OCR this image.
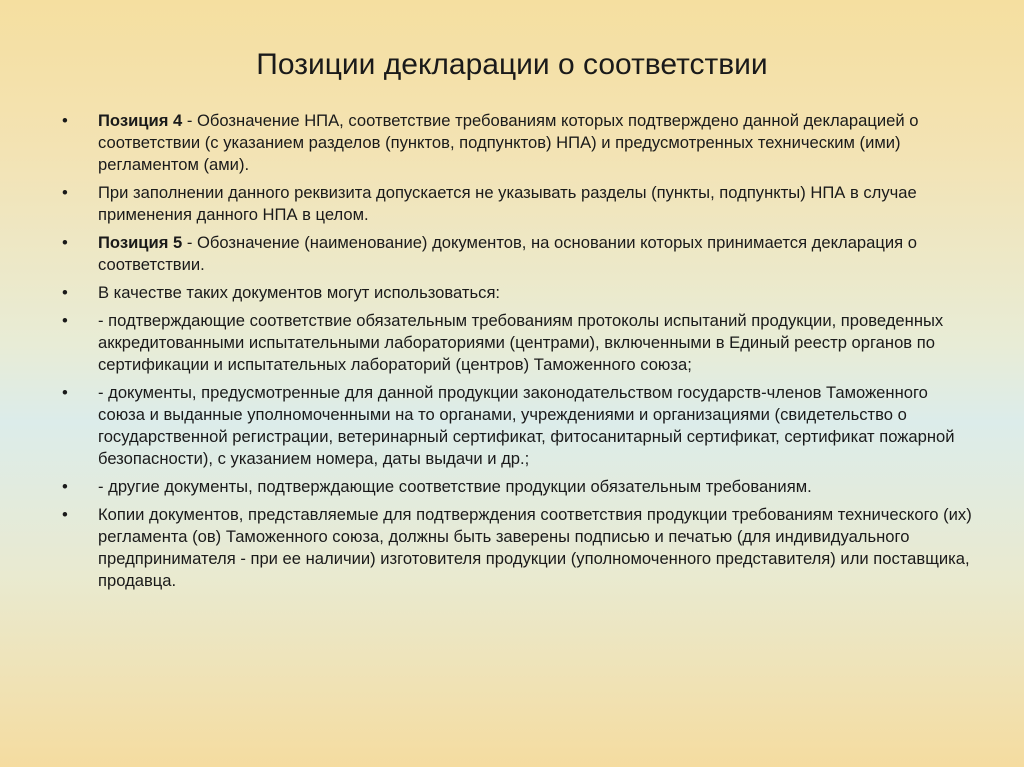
Позиции декларации о соответствии
•	Позиция 4 - Обозначение НПА, соответствие требованиям которых подтверждено данной декларацией о соответствии (с указанием разделов (пунктов, подпунктов) НПА) и предусмотренных техническим (ими) регламентом (ами).
•	При заполнении данного реквизита допускается не указывать разделы (пункты, подпункты) НПА в случае применения данного НПА в целом.
•	Позиция 5 - Обозначение (наименование) документов, на основании которых принимается декларация о соответствии.
•	В качестве таких документов могут использоваться:
•	- подтверждающие соответствие обязательным требованиям протоколы испытаний продукции, проведенных аккредитованными испытательными лабораториями (центрами), включенными в Единый реестр органов по сертификации и испытательных лабораторий (центров) Таможенного союза;
•	- документы, предусмотренные для данной продукции законодательством государств-членов Таможенного союза и выданные уполномоченными на то органами, учреждениями и организациями (свидетельство о государственной регистрации, ветеринарный сертификат, фитосанитарный сертификат, сертификат пожарной безопасности), с указанием номера, даты выдачи и др.;
•	- другие документы, подтверждающие соответствие продукции обязательным требованиям.
•	Копии документов, представляемые для подтверждения соответствия продукции требованиям технического (их) регламента (ов) Таможенного союза, должны быть заверены подписью и печатью (для индивидуального предпринимателя - при ее наличии) изготовителя продукции (уполномоченного представителя) или поставщика, продавца.
